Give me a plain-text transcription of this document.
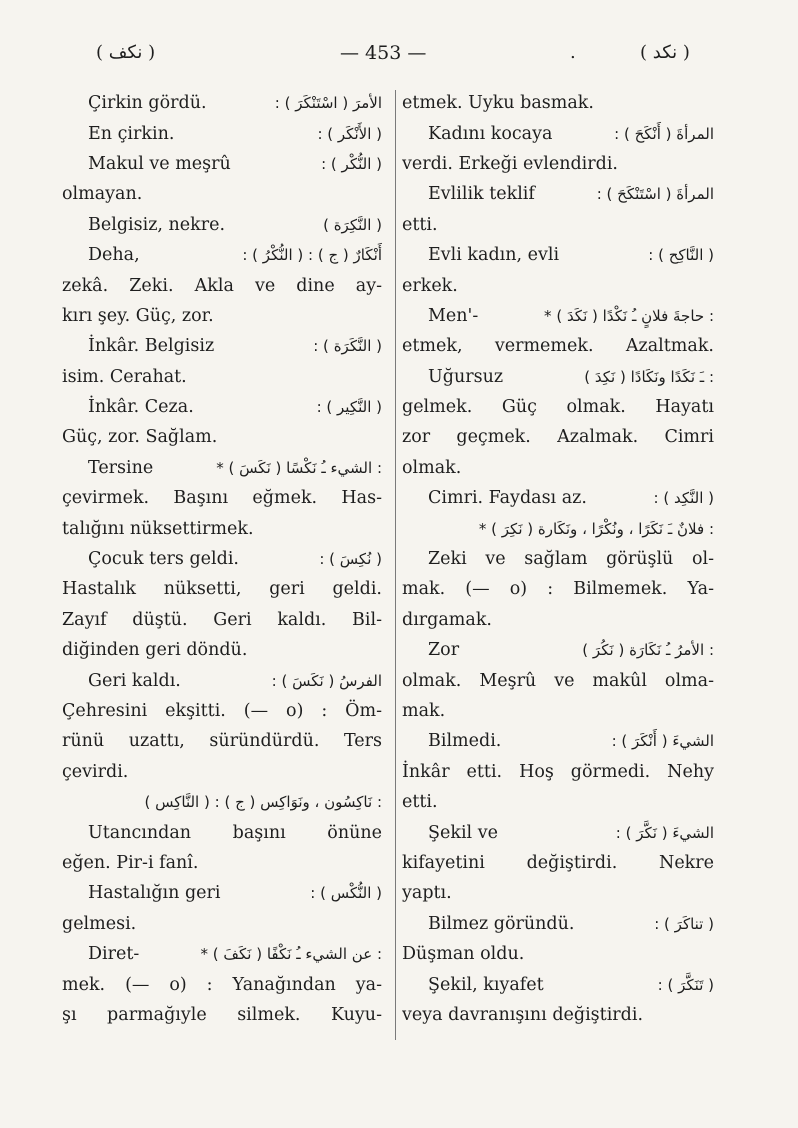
( نكف )	— 453 —	.	( نكد )
Çirkin gördü.	: الأمرَ ( اسْتَنْكَرَ )
En çirkin.	: ( الأَنْكَر )
Makul ve meşrû	: ( النُّكْر )
olmayan.
Belgisiz, nekre.	( النَّكِرَة )
Deha,	: ( النُّكْرُ ) : ( ج ) أَنْكَارٌ
zekâ. Zeki. Akla ve dine ay-
kırı şey. Güç, zor.
İnkâr. Belgisiz	: ( النَّكَرَة )
isim. Cerahat.
İnkâr. Ceza.	: ( النَّكِير )
Güç, zor. Sağlam.
Tersine	* ( نَكَسَ ) الشيء ـُ نَكْسًا :
çevirmek. Başını eğmek. Has-
talığını nüksettirmek.
Çocuk ters geldi.	: ( نُكِسَ )
Hastalık nüksetti, geri geldi.
Zayıf düştü. Geri kaldı. Bil-
diğinden geri döndü.
Geri kaldı.	: ( نَكَسَ ) الفرسُ
Çehresini ekşitti. (— o) : Öm-
rünü uzattı, süründürdü. Ters
çevirdi.
( النَّاكِس ) : ( ج ) نَاكِسُون ، ونَوَاكِس :
Utancından başını önüne
eğen. Pir-i fanî.
Hastalığın geri	: ( النُّكْس )
gelmesi.
Diret-	* ( نَكَفَ ) عن الشيء ـُ نَكْفًا :
mek. (— o) : Yanağından ya-
şı parmağıyle silmek. Kuyu-
etmek. Uyku basmak.
Kadını kocaya	: المرأةَ ( أَنْكَحَ )
verdi. Erkeği evlendirdi.
Evlilik teklif	: المرأةَ ( اسْتَنْكَحَ )
etti.
Evli kadın, evli	: ( النَّاكِح )
erkek.
Men'-	* ( نَكَدَ ) حاجةَ فلانٍ ـُ نَكْدًا :
etmek, vermemek. Azaltmak.
Uğursuz	( نَكِدَ ) ـَ نَكَدًا ونَكَادًا :
gelmek. Güç olmak. Hayatı
zor geçmek. Azalmak. Cimri
olmak.
Cimri. Faydası az.	: ( النَّكِد )
* ( نَكِرَ ) فلانٌ ـَ نَكَرًا ، ونُكْرًا ، ونَكَارة :
Zeki ve sağlam görüşlü ol-
mak. (— o) : Bilmemek. Ya-
dırgamak.
Zor	( نَكُرَ ) الأمرُ ـُ نَكَارَة :
olmak. Meşrû ve makûl olma-
mak.
Bilmedi.	: الشيءَ ( أَنْكَرَ )
İnkâr etti. Hoş görmedi. Nehy
etti.
Şekil ve	: الشيءَ ( نَكَّرَ )
kifayetini değiştirdi. Nekre
yaptı.
Bilmez göründü.	: ( تناكَرَ )
Düşman oldu.
Şekil, kıyafet	: ( تَنَكَّرَ )
veya davranışını değiştirdi.
